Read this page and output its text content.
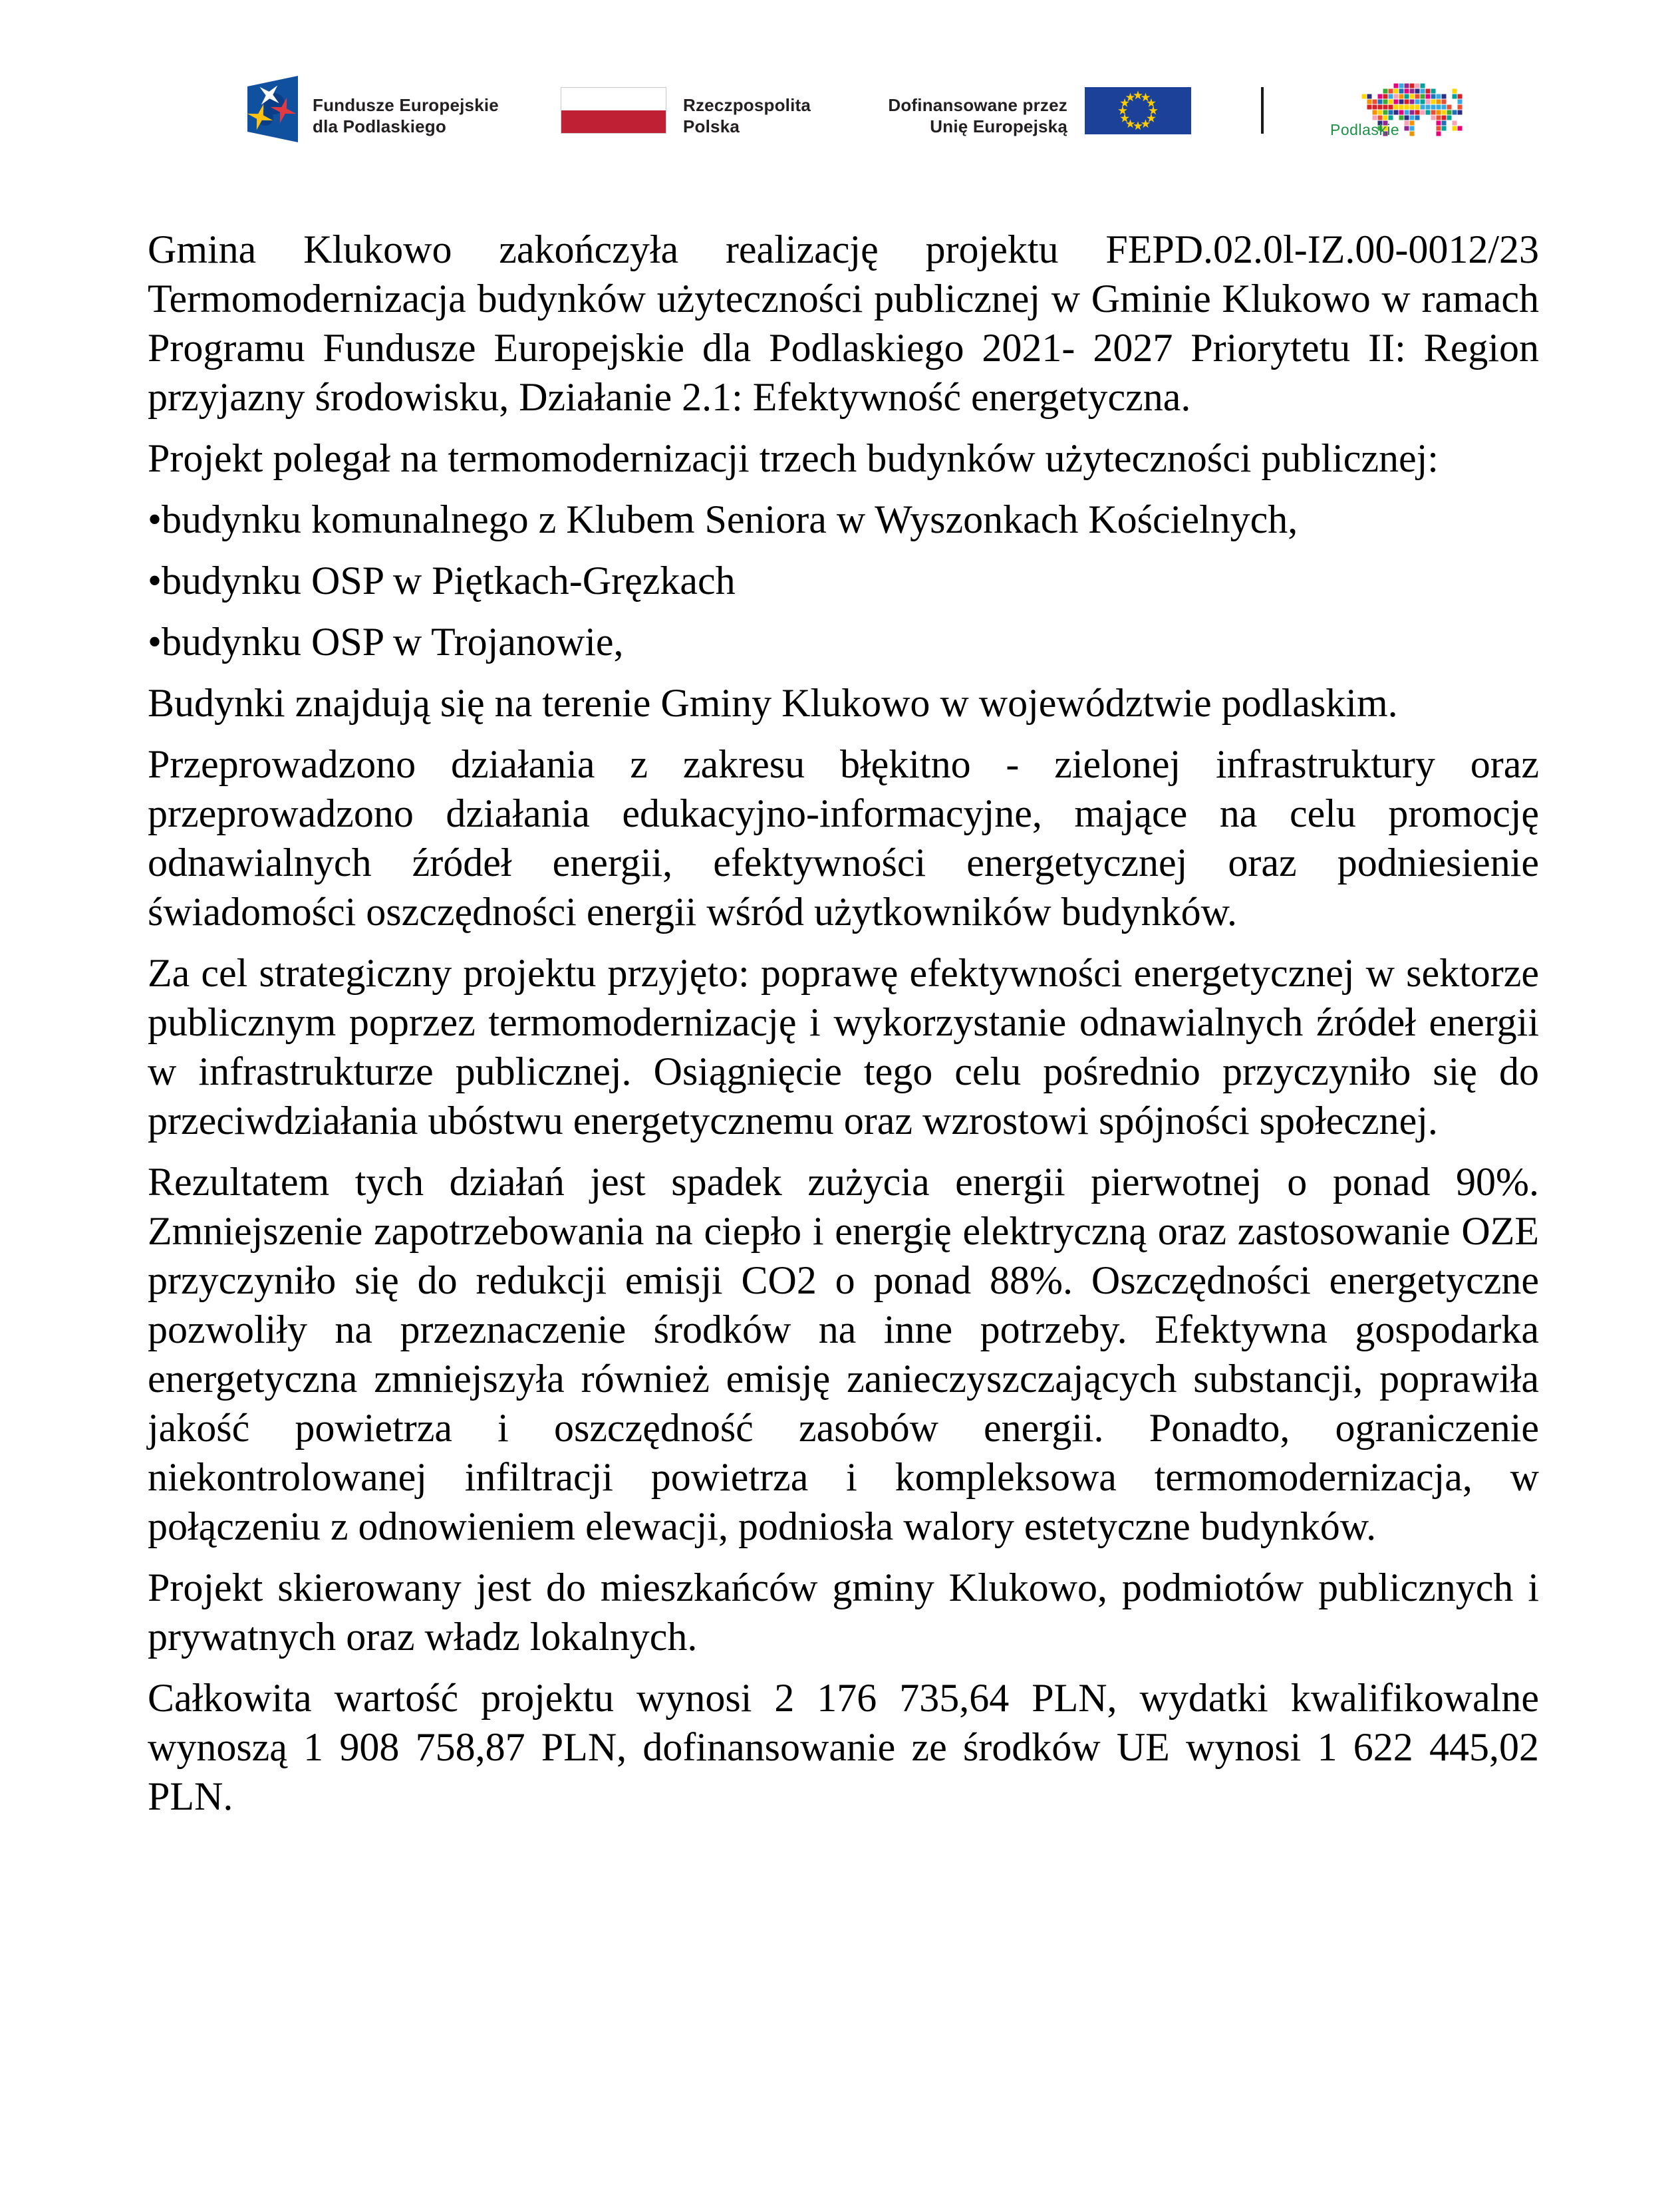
Fundusze Europejskie
dla Podlaskiego
Rzeczpospolita
Polska
Dofinansowane przez
Unię Europejską	Podlaskie

Gmina Klukowo zakończyła realizację projektu FEPD.02.0l-IZ.00-0012/23 Termomodernizacja budynków użyteczności publicznej w Gminie Klukowo w ramach Programu Fundusze Europejskie dla Podlaskiego 2021- 2027 Priorytetu II: Region przyjazny środowisku, Działanie 2.1: Efektywność energetyczna.

Projekt polegał na termomodernizacji trzech budynków użyteczności publicznej:

•budynku komunalnego z Klubem Seniora w Wyszonkach Kościelnych,

•budynku OSP w Piętkach-Gręzkach

•budynku OSP w Trojanowie,

Budynki znajdują się na terenie Gminy Klukowo w województwie podlaskim.

Przeprowadzono działania z zakresu błękitno - zielonej infrastruktury oraz przeprowadzono działania edukacyjno-informacyjne, mające na celu promocję odnawialnych źródeł energii, efektywności energetycznej oraz podniesienie świadomości oszczędności energii wśród użytkowników budynków.

Za cel strategiczny projektu przyjęto: poprawę efektywności energetycznej w sektorze publicznym poprzez termomodernizację i wykorzystanie odnawialnych źródeł energii w infrastrukturze publicznej. Osiągnięcie tego celu pośrednio przyczyniło się do przeciwdziałania ubóstwu energetycznemu oraz wzrostowi spójności społecznej.

Rezultatem tych działań jest spadek zużycia energii pierwotnej o ponad 90%. Zmniejszenie zapotrzebowania na ciepło i energię elektryczną oraz zastosowanie OZE przyczyniło się do redukcji emisji CO2 o ponad 88%. Oszczędności energetyczne pozwoliły na przeznaczenie środków na inne potrzeby. Efektywna gospodarka energetyczna zmniejszyła również emisję zanieczyszczających substancji, poprawiła jakość powietrza i oszczędność zasobów energii. Ponadto, ograniczenie niekontrolowanej infiltracji powietrza i kompleksowa termomodernizacja, w połączeniu z odnowieniem elewacji, podniosła walory estetyczne budynków.

Projekt skierowany jest do mieszkańców gminy Klukowo, podmiotów publicznych i prywatnych oraz władz lokalnych.

Całkowita wartość projektu wynosi 2 176 735,64 PLN, wydatki kwalifikowalne wynoszą 1 908 758,87 PLN, dofinansowanie ze środków UE wynosi 1 622 445,02 PLN.
